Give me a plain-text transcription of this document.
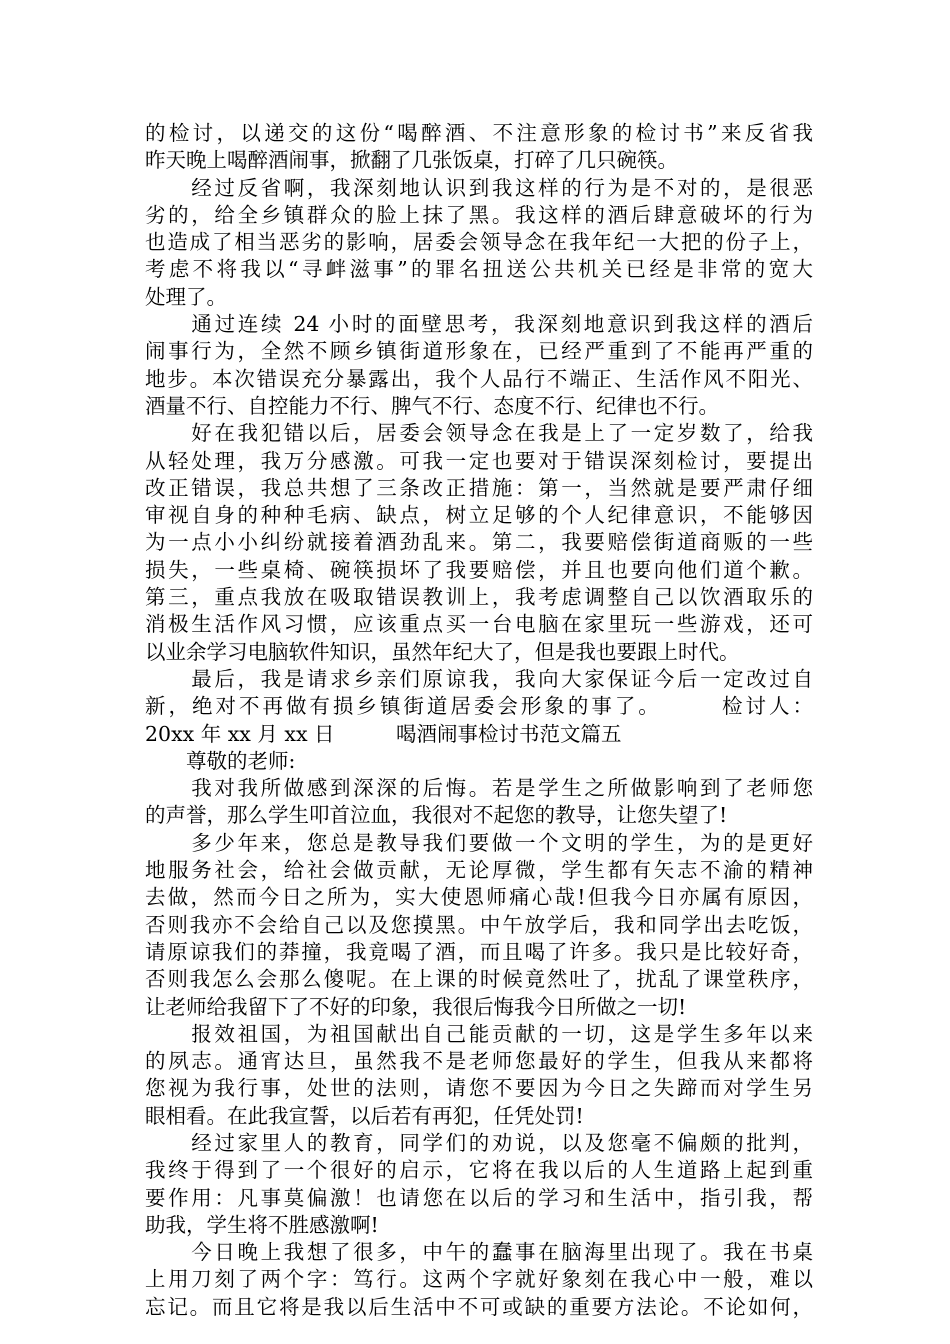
的检讨，以递交的这份“喝醉酒、不注意形象的检讨书”来反省我
昨天晚上喝醉酒闹事，掀翻了几张饭桌，打碎了几只碗筷。
　　经过反省啊，我深刻地认识到我这样的行为是不对的，是很恶
劣的，给全乡镇群众的脸上抹了黑。我这样的酒后肆意破坏的行为
也造成了相当恶劣的影响，居委会领导念在我年纪一大把的份子上，
考虑不将我以“寻衅滋事”的罪名扭送公共机关已经是非常的宽大
处理了。
　　通过连续 24 小时的面壁思考，我深刻地意识到我这样的酒后
闹事行为，全然不顾乡镇街道形象在，已经严重到了不能再严重的
地步。本次错误充分暴露出，我个人品行不端正、生活作风不阳光、
酒量不行、自控能力不行、脾气不行、态度不行、纪律也不行。
　　好在我犯错以后，居委会领导念在我是上了一定岁数了，给我
从轻处理，我万分感激。可我一定也要对于错误深刻检讨，要提出
改正错误，我总共想了三条改正措施：第一，当然就是要严肃仔细
审视自身的种种毛病、缺点，树立足够的个人纪律意识，不能够因
为一点小小纠纷就接着酒劲乱来。第二，我要赔偿街道商贩的一些
损失，一些桌椅、碗筷损坏了我要赔偿，并且也要向他们道个歉。
第三，重点我放在吸取错误教训上，我考虑调整自己以饮酒取乐的
消极生活作风习惯，应该重点买一台电脑在家里玩一些游戏，还可
以业余学习电脑软件知识，虽然年纪大了，但是我也要跟上时代。
　　最后，我是请求乡亲们原谅我，我向大家保证今后一定改过自
新，绝对不再做有损乡镇街道居委会形象的事了。　　　检讨人：
20xx 年 xx 月 xx 日　　　喝酒闹事检讨书范文篇五
　　尊敬的老师:
　　我对我所做感到深深的后悔。若是学生之所做影响到了老师您
的声誉，那么学生叩首泣血，我很对不起您的教导，让您失望了!
　　多少年来，您总是教导我们要做一个文明的学生，为的是更好
地服务社会，给社会做贡献，无论厚微，学生都有矢志不渝的精神
去做，然而今日之所为，实大使恩师痛心哉!但我今日亦属有原因，
否则我亦不会给自己以及您摸黑。中午放学后，我和同学出去吃饭，
请原谅我们的莽撞，我竟喝了酒，而且喝了许多。我只是比较好奇，
否则我怎么会那么傻呢。在上课的时候竟然吐了，扰乱了课堂秩序，
让老师给我留下了不好的印象，我很后悔我今日所做之一切!
　　报效祖国，为祖国献出自己能贡献的一切，这是学生多年以来
的夙志。通宵达旦，虽然我不是老师您最好的学生，但我从来都将
您视为我行事，处世的法则，请您不要因为今日之失蹄而对学生另
眼相看。在此我宣誓，以后若有再犯，任凭处罚!
　　经过家里人的教育，同学们的劝说，以及您毫不偏颇的批判，
我终于得到了一个很好的启示，它将在我以后的人生道路上起到重
要作用：凡事莫偏激！也请您在以后的学习和生活中，指引我，帮
助我，学生将不胜感激啊!
　　今日晚上我想了很多，中午的蠢事在脑海里出现了。我在书桌
上用刀刻了两个字：笃行。这两个字就好象刻在我心中一般，难以
忘记。而且它将是我以后生活中不可或缺的重要方法论。不论如何，
